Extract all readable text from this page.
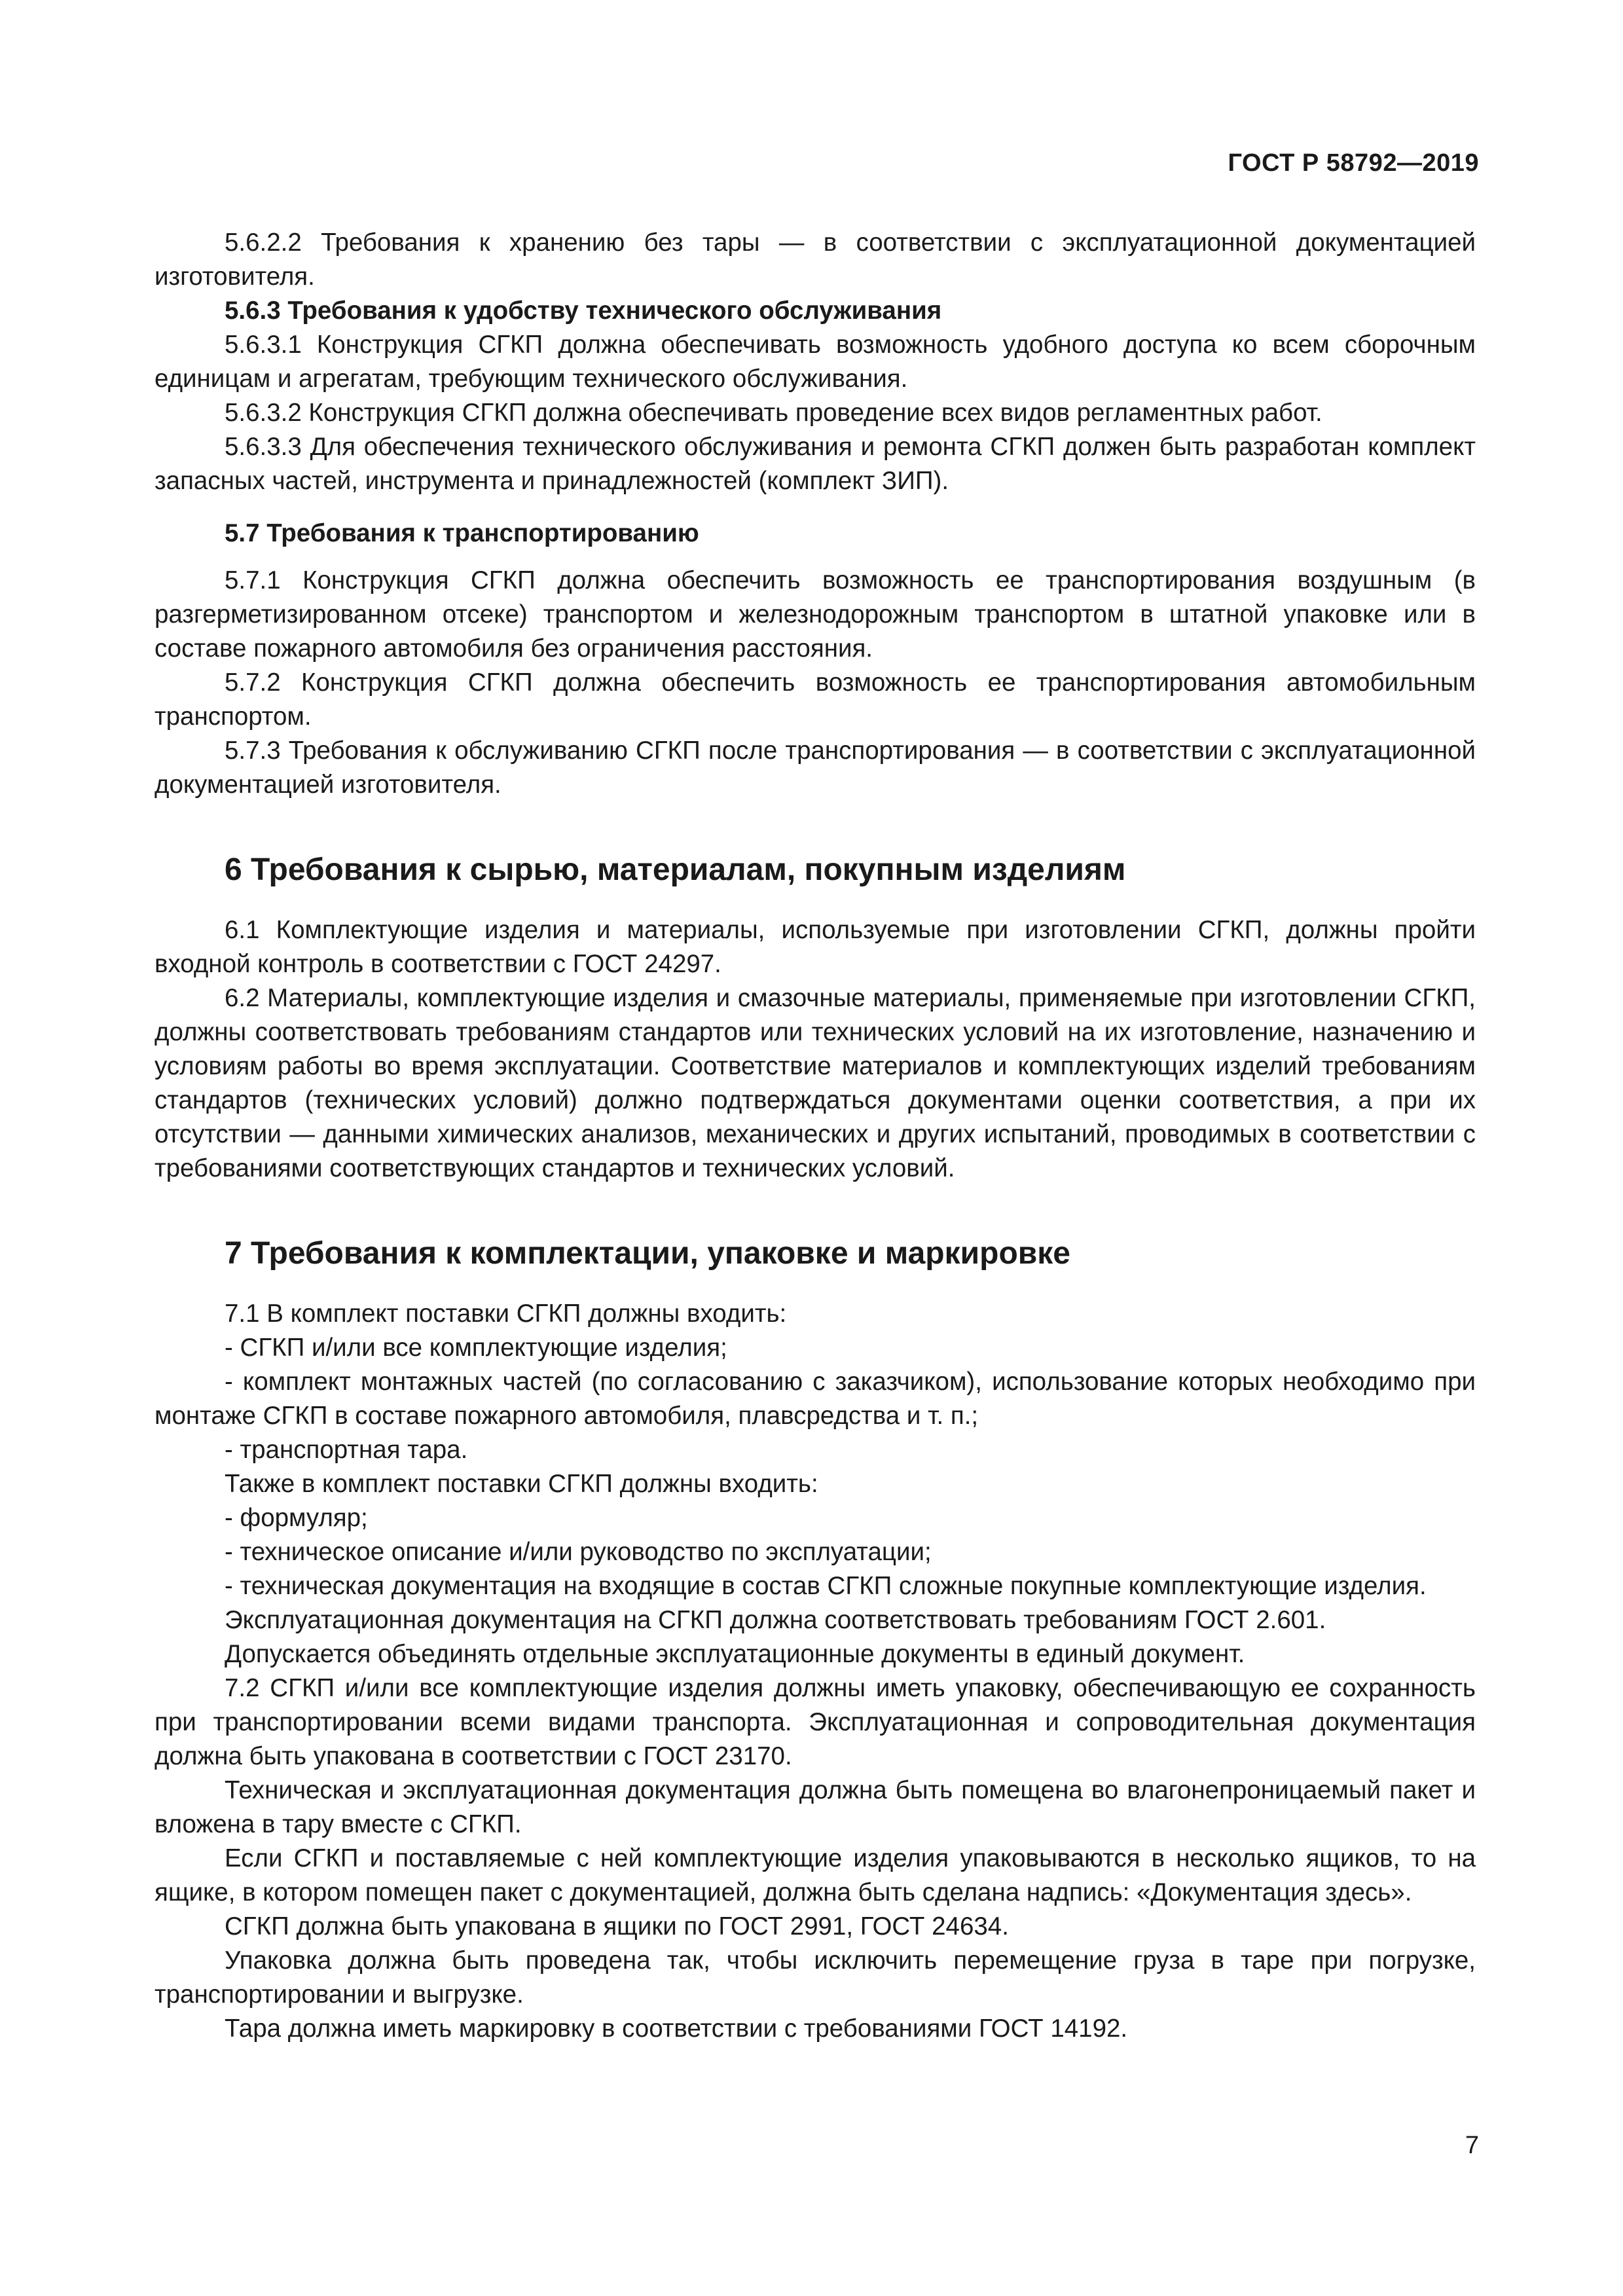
ГОСТ Р 58792—2019

5.6.2.2 Требования к хранению без тары — в соответствии с эксплуатационной документацией изготовителя.

5.6.3 Требования к удобству технического обслуживания

5.6.3.1 Конструкция СГКП должна обеспечивать возможность удобного доступа ко всем сборочным единицам и агрегатам, требующим технического обслуживания.

5.6.3.2 Конструкция СГКП должна обеспечивать проведение всех видов регламентных работ.

5.6.3.3 Для обеспечения технического обслуживания и ремонта СГКП должен быть разработан комплект запасных частей, инструмента и принадлежностей (комплект ЗИП).

5.7 Требования к транспортированию

5.7.1 Конструкция СГКП должна обеспечить возможность ее транспортирования воздушным (в разгерметизированном отсеке) транспортом и железнодорожным транспортом в штатной упаковке или в составе пожарного автомобиля без ограничения расстояния.

5.7.2 Конструкция СГКП должна обеспечить возможность ее транспортирования автомобильным транспортом.

5.7.3 Требования к обслуживанию СГКП после транспортирования — в соответствии с эксплуатационной документацией изготовителя.

6 Требования к сырью, материалам, покупным изделиям

6.1 Комплектующие изделия и материалы, используемые при изготовлении СГКП, должны пройти входной контроль в соответствии с ГОСТ 24297.

6.2 Материалы, комплектующие изделия и смазочные материалы, применяемые при изготовлении СГКП, должны соответствовать требованиям стандартов или технических условий на их изготовление, назначению и условиям работы во время эксплуатации. Соответствие материалов и комплектующих изделий требованиям стандартов (технических условий) должно подтверждаться документами оценки соответствия, а при их отсутствии — данными химических анализов, механических и других испытаний, проводимых в соответствии с требованиями соответствующих стандартов и технических условий.

7 Требования к комплектации, упаковке и маркировке

7.1 В комплект поставки СГКП должны входить:

- СГКП и/или все комплектующие изделия;

- комплект монтажных частей (по согласованию с заказчиком), использование которых необходимо при монтаже СГКП в составе пожарного автомобиля, плавсредства и т. п.;

- транспортная тара.

Также в комплект поставки СГКП должны входить:

- формуляр;

- техническое описание и/или руководство по эксплуатации;

- техническая документация на входящие в состав СГКП сложные покупные комплектующие изделия.

Эксплуатационная документация на СГКП должна соответствовать требованиям ГОСТ 2.601.

Допускается объединять отдельные эксплуатационные документы в единый документ.

7.2 СГКП и/или все комплектующие изделия должны иметь упаковку, обеспечивающую ее сохранность при транспортировании всеми видами транспорта. Эксплуатационная и сопроводительная документация должна быть упакована в соответствии с ГОСТ 23170.

Техническая и эксплуатационная документация должна быть помещена во влагонепроницаемый пакет и вложена в тару вместе с СГКП.

Если СГКП и поставляемые с ней комплектующие изделия упаковываются в несколько ящиков, то на ящике, в котором помещен пакет с документацией, должна быть сделана надпись: «Документация здесь».

СГКП должна быть упакована в ящики по ГОСТ 2991, ГОСТ 24634.

Упаковка должна быть проведена так, чтобы исключить перемещение груза в таре при погрузке, транспортировании и выгрузке.

Тара должна иметь маркировку в соответствии с требованиями ГОСТ 14192.

7
